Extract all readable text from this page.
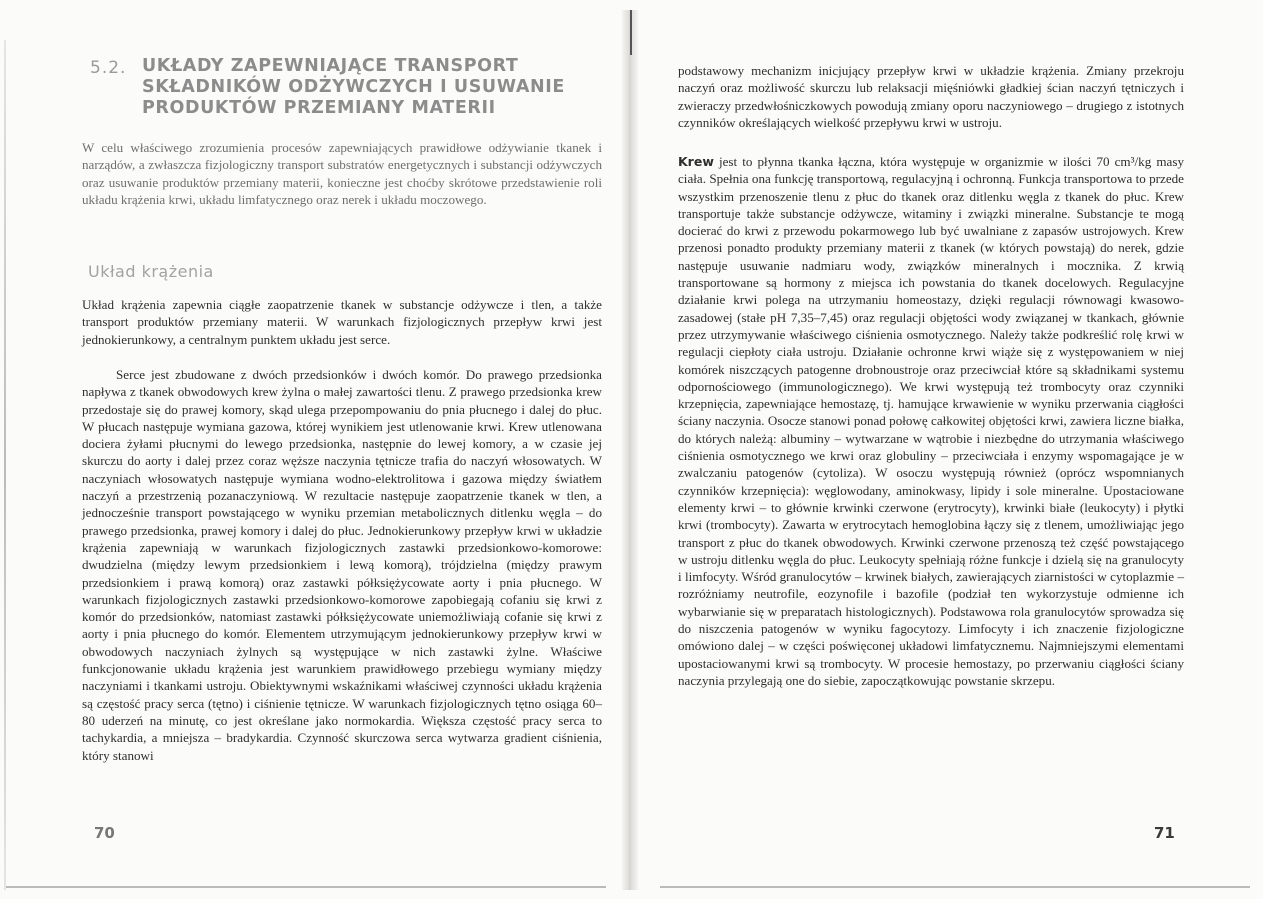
5.2. UKŁADY ZAPEWNIAJĄCE TRANSPORT SKŁADNIKÓW ODŻYWCZYCH I USUWANIE PRODUKTÓW PRZEMIANY MATERII

W celu właściwego zrozumienia procesów zapewniających prawidłowe odżywianie tkanek i narządów, a zwłaszcza fizjologiczny transport substratów energetycznych i substancji odżywczych oraz usuwanie produktów przemiany materii, konieczne jest choćby skrótowe przedstawienie roli układu krążenia krwi, układu limfatycznego oraz nerek i układu moczowego.

Układ krążenia

Układ krążenia zapewnia ciągłe zaopatrzenie tkanek w substancje odżywcze i tlen, a także transport produktów przemiany materii. W warunkach fizjologicznych przepływ krwi jest jednokierunkowy, a centralnym punktem układu jest serce.

Serce jest zbudowane z dwóch przedsionków i dwóch komór. Do prawego przedsionka napływa z tkanek obwodowych krew żylna o małej zawartości tlenu. Z prawego przedsionka krew przedostaje się do prawej komory, skąd ulega przepompowaniu do pnia płucnego i dalej do płuc. W płucach następuje wymiana gazowa, której wynikiem jest utlenowanie krwi. Krew utlenowana dociera żyłami płucnymi do lewego przedsionka, następnie do lewej komory, a w czasie jej skurczu do aorty i dalej przez coraz węższe naczynia tętnicze trafia do naczyń włosowatych. W naczyniach włosowatych następuje wymiana wodno-elektrolitowa i gazowa między światłem naczyń a przestrzenią pozanaczyniową. W rezultacie następuje zaopatrzenie tkanek w tlen, a jednocześnie transport powstającego w wyniku przemian metabolicznych ditlenku węgla – do prawego przedsionka, prawej komory i dalej do płuc. Jednokierunkowy przepływ krwi w układzie krążenia zapewniają w warunkach fizjologicznych zastawki przedsionkowo-komorowe: dwudzielna (między lewym przedsionkiem i lewą komorą), trójdzielna (między prawym przedsionkiem i prawą komorą) oraz zastawki półksiężycowate aorty i pnia płucnego. W warunkach fizjologicznych zastawki przedsionkowo-komorowe zapobiegają cofaniu się krwi z komór do przedsionków, natomiast zastawki półksiężycowate uniemożliwiają cofanie się krwi z aorty i pnia płucnego do komór. Elementem utrzymującym jednokierunkowy przepływ krwi w obwodowych naczyniach żylnych są występujące w nich zastawki żylne. Właściwe funkcjonowanie układu krążenia jest warunkiem prawidłowego przebiegu wymiany między naczyniami i tkankami ustroju. Obiektywnymi wskaźnikami właściwej czynności układu krążenia są częstość pracy serca (tętno) i ciśnienie tętnicze. W warunkach fizjologicznych tętno osiąga 60–80 uderzeń na minutę, co jest określane jako normokardia. Większa częstość pracy serca to tachykardia, a mniejsza – bradykardia. Czynność skurczowa serca wytwarza gradient ciśnienia, który stanowi

70

podstawowy mechanizm inicjujący przepływ krwi w układzie krążenia. Zmiany przekroju naczyń oraz możliwość skurczu lub relaksacji mięśniówki gładkiej ścian naczyń tętniczych i zwieraczy przedwłośniczkowych powodują zmiany oporu naczyniowego – drugiego z istotnych czynników określających wielkość przepływu krwi w ustroju.

Krew jest to płynna tkanka łączna, która występuje w organizmie w ilości 70 cm³/kg masy ciała. Spełnia ona funkcję transportową, regulacyjną i ochronną. Funkcja transportowa to przede wszystkim przenoszenie tlenu z płuc do tkanek oraz ditlenku węgla z tkanek do płuc. Krew transportuje także substancje odżywcze, witaminy i związki mineralne. Substancje te mogą docierać do krwi z przewodu pokarmowego lub być uwalniane z zapasów ustrojowych. Krew przenosi ponadto produkty przemiany materii z tkanek (w których powstają) do nerek, gdzie następuje usuwanie nadmiaru wody, związków mineralnych i mocznika. Z krwią transportowane są hormony z miejsca ich powstania do tkanek docelowych. Regulacyjne działanie krwi polega na utrzymaniu homeostazy, dzięki regulacji równowagi kwasowo-zasadowej (stałe pH 7,35–7,45) oraz regulacji objętości wody związanej w tkankach, głównie przez utrzymywanie właściwego ciśnienia osmotycznego. Należy także podkreślić rolę krwi w regulacji ciepłoty ciała ustroju. Działanie ochronne krwi wiąże się z występowaniem w niej komórek niszczących patogenne drobnoustroje oraz przeciwciał które są składnikami systemu odpornościowego (immunologicznego). We krwi występują też trombocyty oraz czynniki krzepnięcia, zapewniające hemostazę, tj. hamujące krwawienie w wyniku przerwania ciągłości ściany naczynia. Osocze stanowi ponad połowę całkowitej objętości krwi, zawiera liczne białka, do których należą: albuminy – wytwarzane w wątrobie i niezbędne do utrzymania właściwego ciśnienia osmotycznego we krwi oraz globuliny – przeciwciała i enzymy wspomagające je w zwalczaniu patogenów (cytoliza). W osoczu występują również (oprócz wspomnianych czynników krzepnięcia): węglowodany, aminokwasy, lipidy i sole mineralne. Upostaciowane elementy krwi – to głównie krwinki czerwone (erytrocyty), krwinki białe (leukocyty) i płytki krwi (trombocyty). Zawarta w erytrocytach hemoglobina łączy się z tlenem, umożliwiając jego transport z płuc do tkanek obwodowych. Krwinki czerwone przenoszą też część powstającego w ustroju ditlenku węgla do płuc. Leukocyty spełniają różne funkcje i dzielą się na granulocyty i limfocyty. Wśród granulocytów – krwinek białych, zawierających ziarnistości w cytoplazmie – rozróżniamy neutrofile, eozynofile i bazofile (podział ten wykorzystuje odmienne ich wybarwianie się w preparatach histologicznych). Podstawowa rola granulocytów sprowadza się do niszczenia patogenów w wyniku fagocytozy. Limfocyty i ich znaczenie fizjologiczne omówiono dalej – w części poświęconej układowi limfatycznemu. Najmniejszymi elementami upostaciowanymi krwi są trombocyty. W procesie hemostazy, po przerwaniu ciągłości ściany naczynia przylegają one do siebie, zapoczątkowując powstanie skrzepu.

71
